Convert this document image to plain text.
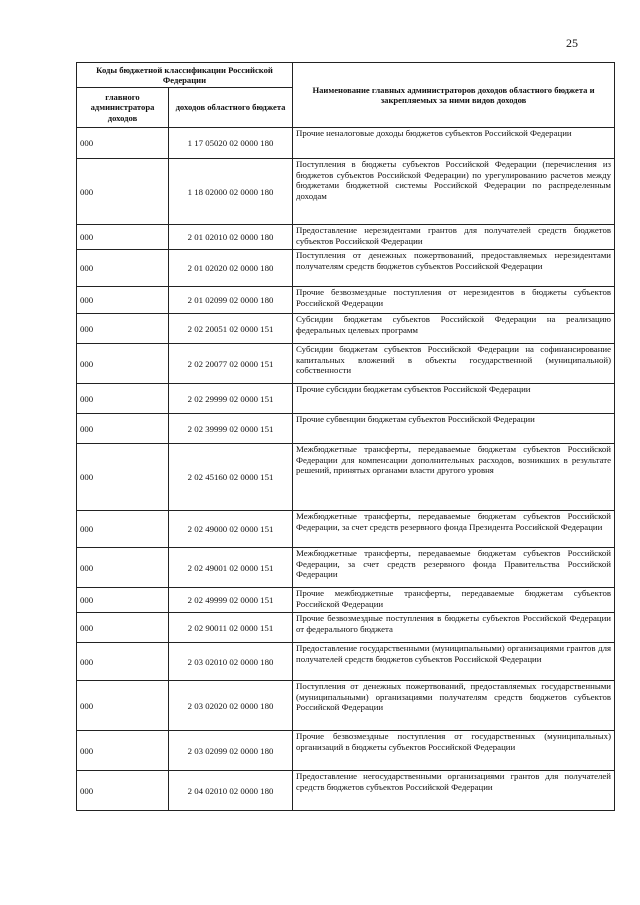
25
Коды бюджетной классификации Российской Федерации		Наименование главных администраторов доходов областного бюджета и закрепляемых за ними видов доходов
главного администратора доходов	доходов областного бюджета	
000	1 17 05020 02 0000 180	Прочие неналоговые доходы бюджетов субъектов Российской Федерации
000	1 18 02000 02 0000 180	Поступления в бюджеты субъектов Российской Федерации (перечисления из бюджетов субъектов Российской Федерации) по урегулированию расчетов между бюджетами бюджетной системы Российской Федерации по распределенным доходам
000	2 01 02010 02 0000 180	Предоставление нерезидентами грантов для получателей средств бюджетов субъектов Российской Федерации
000	2 01 02020 02 0000 180	Поступления от денежных пожертвований, предоставляемых нерезидентами получателям средств бюджетов субъектов Российской Федерации
000	2 01 02099 02 0000 180	Прочие безвозмездные поступления от нерезидентов в бюджеты субъектов Российской Федерации
000	2 02 20051 02 0000 151	Субсидии бюджетам субъектов Российской Федерации на реализацию федеральных целевых программ
000	2 02 20077 02 0000 151	Субсидии бюджетам субъектов Российской Федерации на софинансирование капитальных вложений в объекты государственной (муниципальной) собственности
000	2 02 29999 02 0000 151	Прочие субсидии бюджетам субъектов Российской Федерации
000	2 02 39999 02 0000 151	Прочие субвенции бюджетам субъектов Российской Федерации
000	2 02 45160 02 0000 151	Межбюджетные трансферты, передаваемые бюджетам субъектов Российской Федерации для компенсации дополнительных расходов, возникших в результате решений, принятых органами власти другого уровня
000	2 02 49000 02 0000 151	Межбюджетные трансферты, передаваемые бюджетам субъектов Российской Федерации, за счет средств резервного фонда Президента Российской Федерации
000	2 02 49001 02 0000 151	Межбюджетные трансферты, передаваемые бюджетам субъектов Российской Федерации, за счет средств резервного фонда Правительства Российской Федерации
000	2 02 49999 02 0000 151	Прочие межбюджетные трансферты, передаваемые бюджетам субъектов Российской Федерации
000	2 02 90011 02 0000 151	Прочие безвозмездные поступления в бюджеты субъектов Российской Федерации от федерального бюджета
000	2 03 02010 02 0000 180	Предоставление государственными (муниципальными) организациями грантов для получателей средств бюджетов субъектов Российской Федерации
000	2 03 02020 02 0000 180	Поступления от денежных пожертвований, предоставляемых государственными (муниципальными) организациями получателям средств бюджетов субъектов Российской Федерации
000	2 03 02099 02 0000 180	Прочие безвозмездные поступления от государственных (муниципальных) организаций в бюджеты субъектов Российской Федерации
000	2 04 02010 02 0000 180	Предоставление негосударственными организациями грантов для получателей средств бюджетов субъектов Российской Федерации
